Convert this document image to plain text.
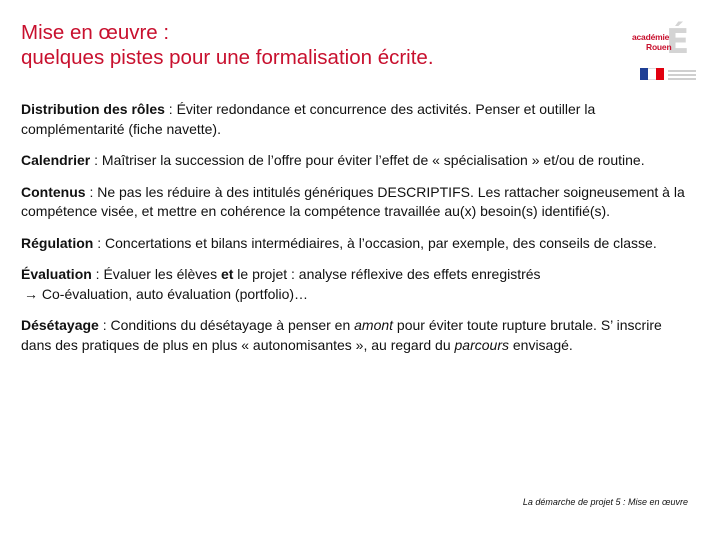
Mise en œuvre :
quelques pistes pour une formalisation écrite.	É
académie
Rouen

Distribution des rôles : Éviter redondance et concurrence des activités. Penser et outiller la complémentarité (fiche navette).

Calendrier : Maîtriser la succession de l’offre pour éviter l’effet de « spécialisation » et/ou de routine.

Contenus : Ne pas les réduire à des intitulés génériques DESCRIPTIFS. Les rattacher soigneusement à la compétence visée, et mettre en cohérence la compétence travaillée au(x) besoin(s) identifié(s).

Régulation : Concertations et bilans intermédiaires, à l’occasion, par exemple, des conseils de classe.

Évaluation : Évaluer les élèves et le projet : analyse réflexive des effets enregistrés
→ Co-évaluation, auto évaluation (portfolio)…

Désétayage : Conditions du désétayage à penser en amont pour éviter toute rupture brutale. S’ inscrire dans des pratiques de plus en plus « autonomisantes », au regard du parcours envisagé.

La démarche de projet 5 : Mise en œuvre
